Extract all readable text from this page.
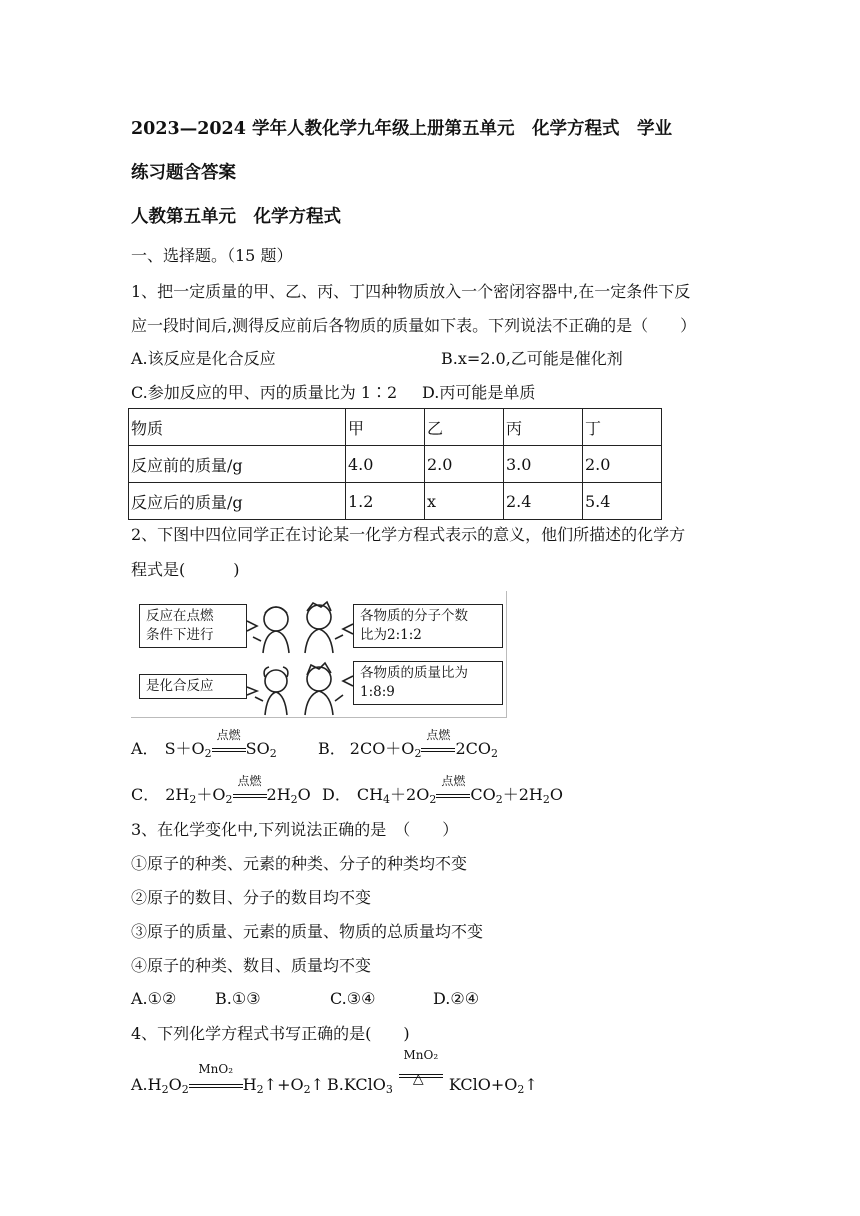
2023—2024 学年人教化学九年级上册第五单元　化学方程式　学业
练习题含答案
人教第五单元　化学方程式
一、选择题。（15 题）
1、把一定质量的甲、乙、丙、丁四种物质放入一个密闭容器中,在一定条件下反
应一段时间后,测得反应前后各物质的质量如下表。下列说法不正确的是（　　）
A.该反应是化合反应	B.x=2.0,乙可能是催化剂
C.参加反应的甲、丙的质量比为 1∶2 D.丙可能是单质
物质	甲	乙	丙	丁
反应前的质量/g	4.0	2.0	3.0	2.0
反应后的质量/g	1.2	x	2.4	5.4
2、下图中四位同学正在讨论某一化学方程式表示的意义，他们所描述的化学方
程式是(　　　)
反应在点燃
条件下进行
各物质的分子个数
比为2:1:2
是化合反应
各物质的质量比为
1:8:9
A． $S+O_2$
点燃
$SO_2$	B． $2CO+O_2$
点燃
$2CO_2$
C． $2H_2+O_2$
点燃
$2H_2O$ D． $CH_4+2O_2$
点燃
$CO_2+2H_2O$
3、在化学变化中,下列说法正确的是　（　　）
①原子的种类、元素的种类、分子的种类均不变
②原子的数目、分子的数目均不变
③原子的质量、元素的质量、物质的总质量均不变
④原子的种类、数目、质量均不变
A.①② B.①③	C.③④	D.②④
4、下列化学方程式书写正确的是(　　)
$A.H_2O_2$
MnO₂
$H_2↑+O_2↑$ B.KClO$_3$
MnO₂
△ $KClO+O_2↑$
